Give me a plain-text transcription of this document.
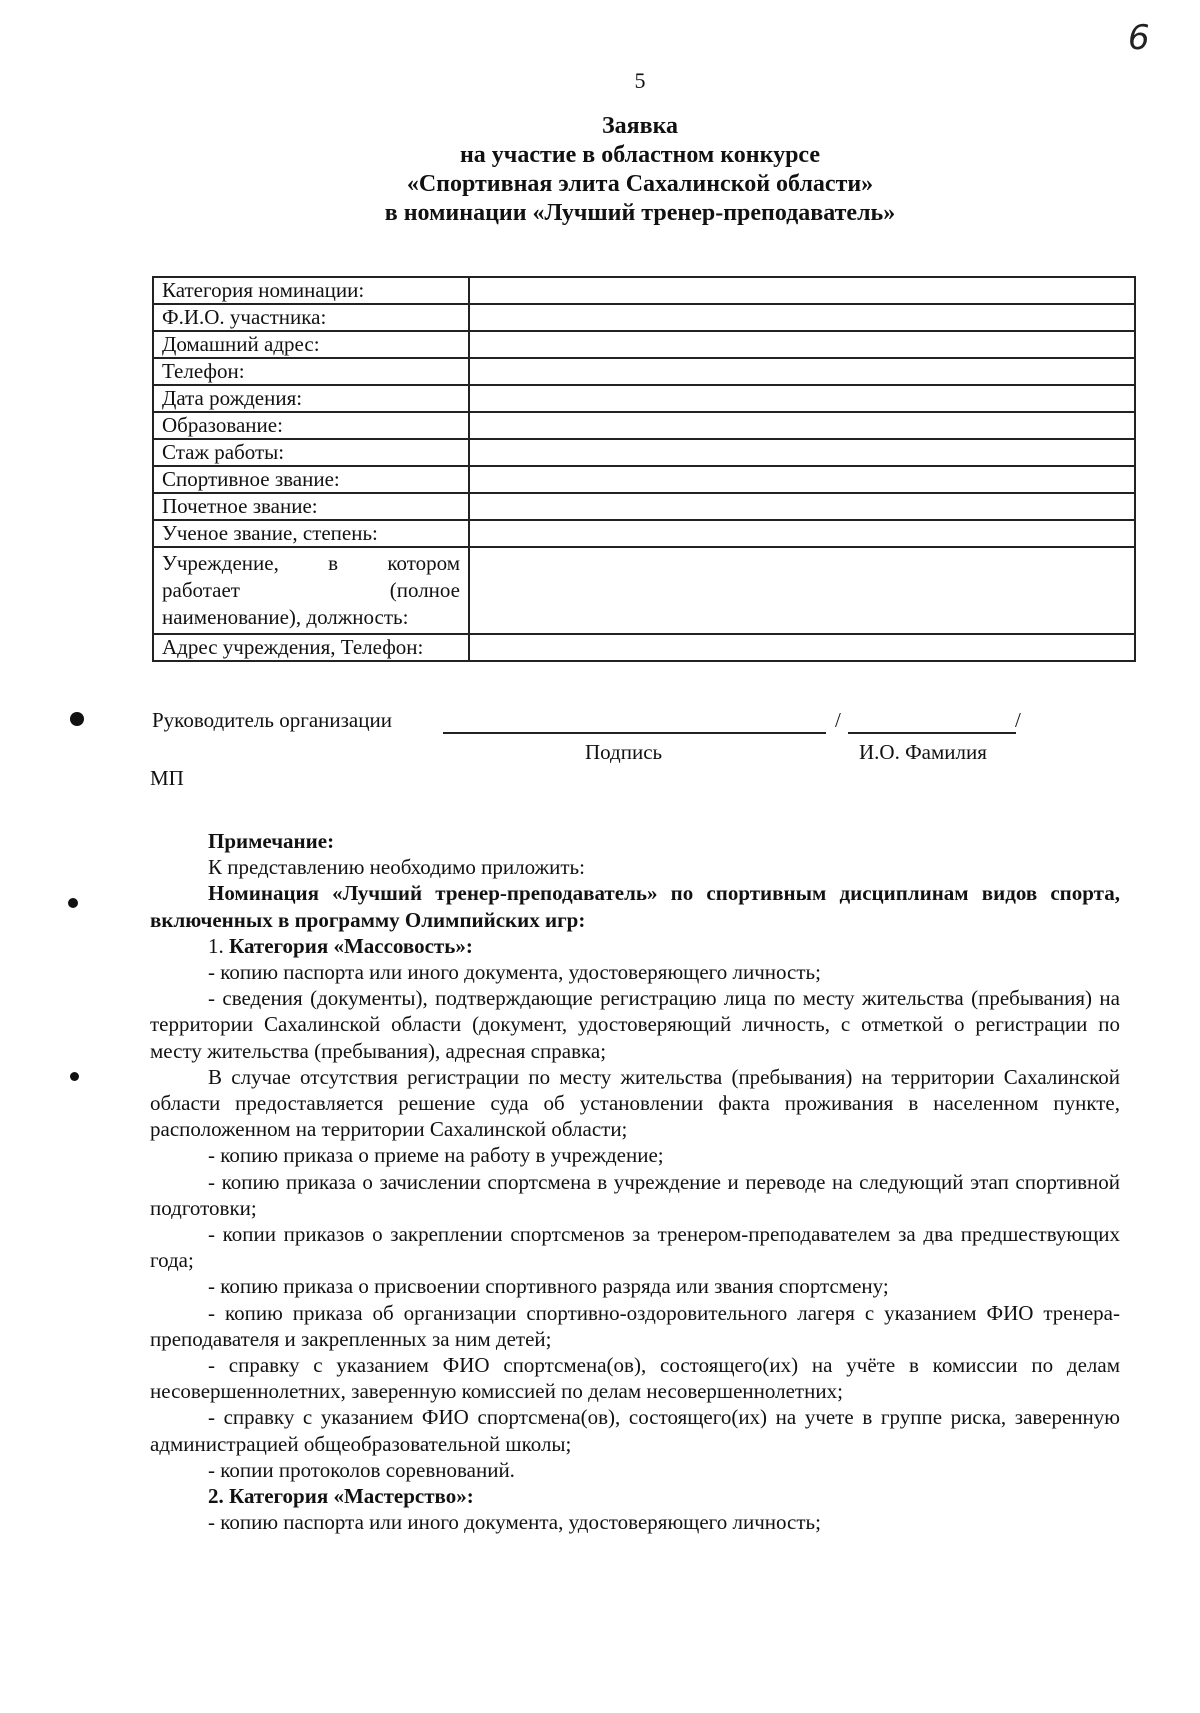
6
5
Заявка
на участие в областном конкурсе
«Спортивная элита Сахалинской области»
в номинации «Лучший тренер-преподаватель»
Категория номинации:	
Ф.И.О. участника:	
Домашний адрес:	
Телефон:	
Дата рождения:	
Образование:	
Стаж работы:	
Спортивное звание:	
Почетное звание:	
Ученое звание, степень:	

Учреждение, в котором
работает (полное
наименование), должность:	

Адрес учреждения, Телефон:	
Руководитель организации	/	/
Подпись	И.О. Фамилия
МП

Примечание:

К представлению необходимо приложить:

Номинация «Лучший тренер-преподаватель» по спортивным дисциплинам видов спорта, включенных в программу Олимпийских игр:

1. Категория «Массовость»:

- копию паспорта или иного документа, удостоверяющего личность;

- сведения (документы), подтверждающие регистрацию лица по месту жительства (пребывания) на территории Сахалинской области (документ, удостоверяющий личность, с отметкой о регистрации по месту жительства (пребывания), адресная справка;

В случае отсутствия регистрации по месту жительства (пребывания) на территории Сахалинской области предоставляется решение суда об установлении факта проживания в населенном пункте, расположенном на территории Сахалинской области;

- копию приказа о приеме на работу в учреждение;

- копию приказа о зачислении спортсмена в учреждение и переводе на следующий этап спортивной подготовки;

- копии приказов о закреплении спортсменов за тренером-преподавателем за два предшествующих года;

- копию приказа о присвоении спортивного разряда или звания спортсмену;

- копию приказа об организации спортивно-оздоровительного лагеря с указанием ФИО тренера-преподавателя и закрепленных за ним детей;

- справку с указанием ФИО спортсмена(ов), состоящего(их) на учёте в комиссии по делам несовершеннолетних, заверенную комиссией по делам несовершеннолетних;

- справку с указанием ФИО спортсмена(ов), состоящего(их) на учете в группе риска, заверенную администрацией общеобразовательной школы;

- копии протоколов соревнований.

2. Категория «Мастерство»:

- копию паспорта или иного документа, удостоверяющего личность;
